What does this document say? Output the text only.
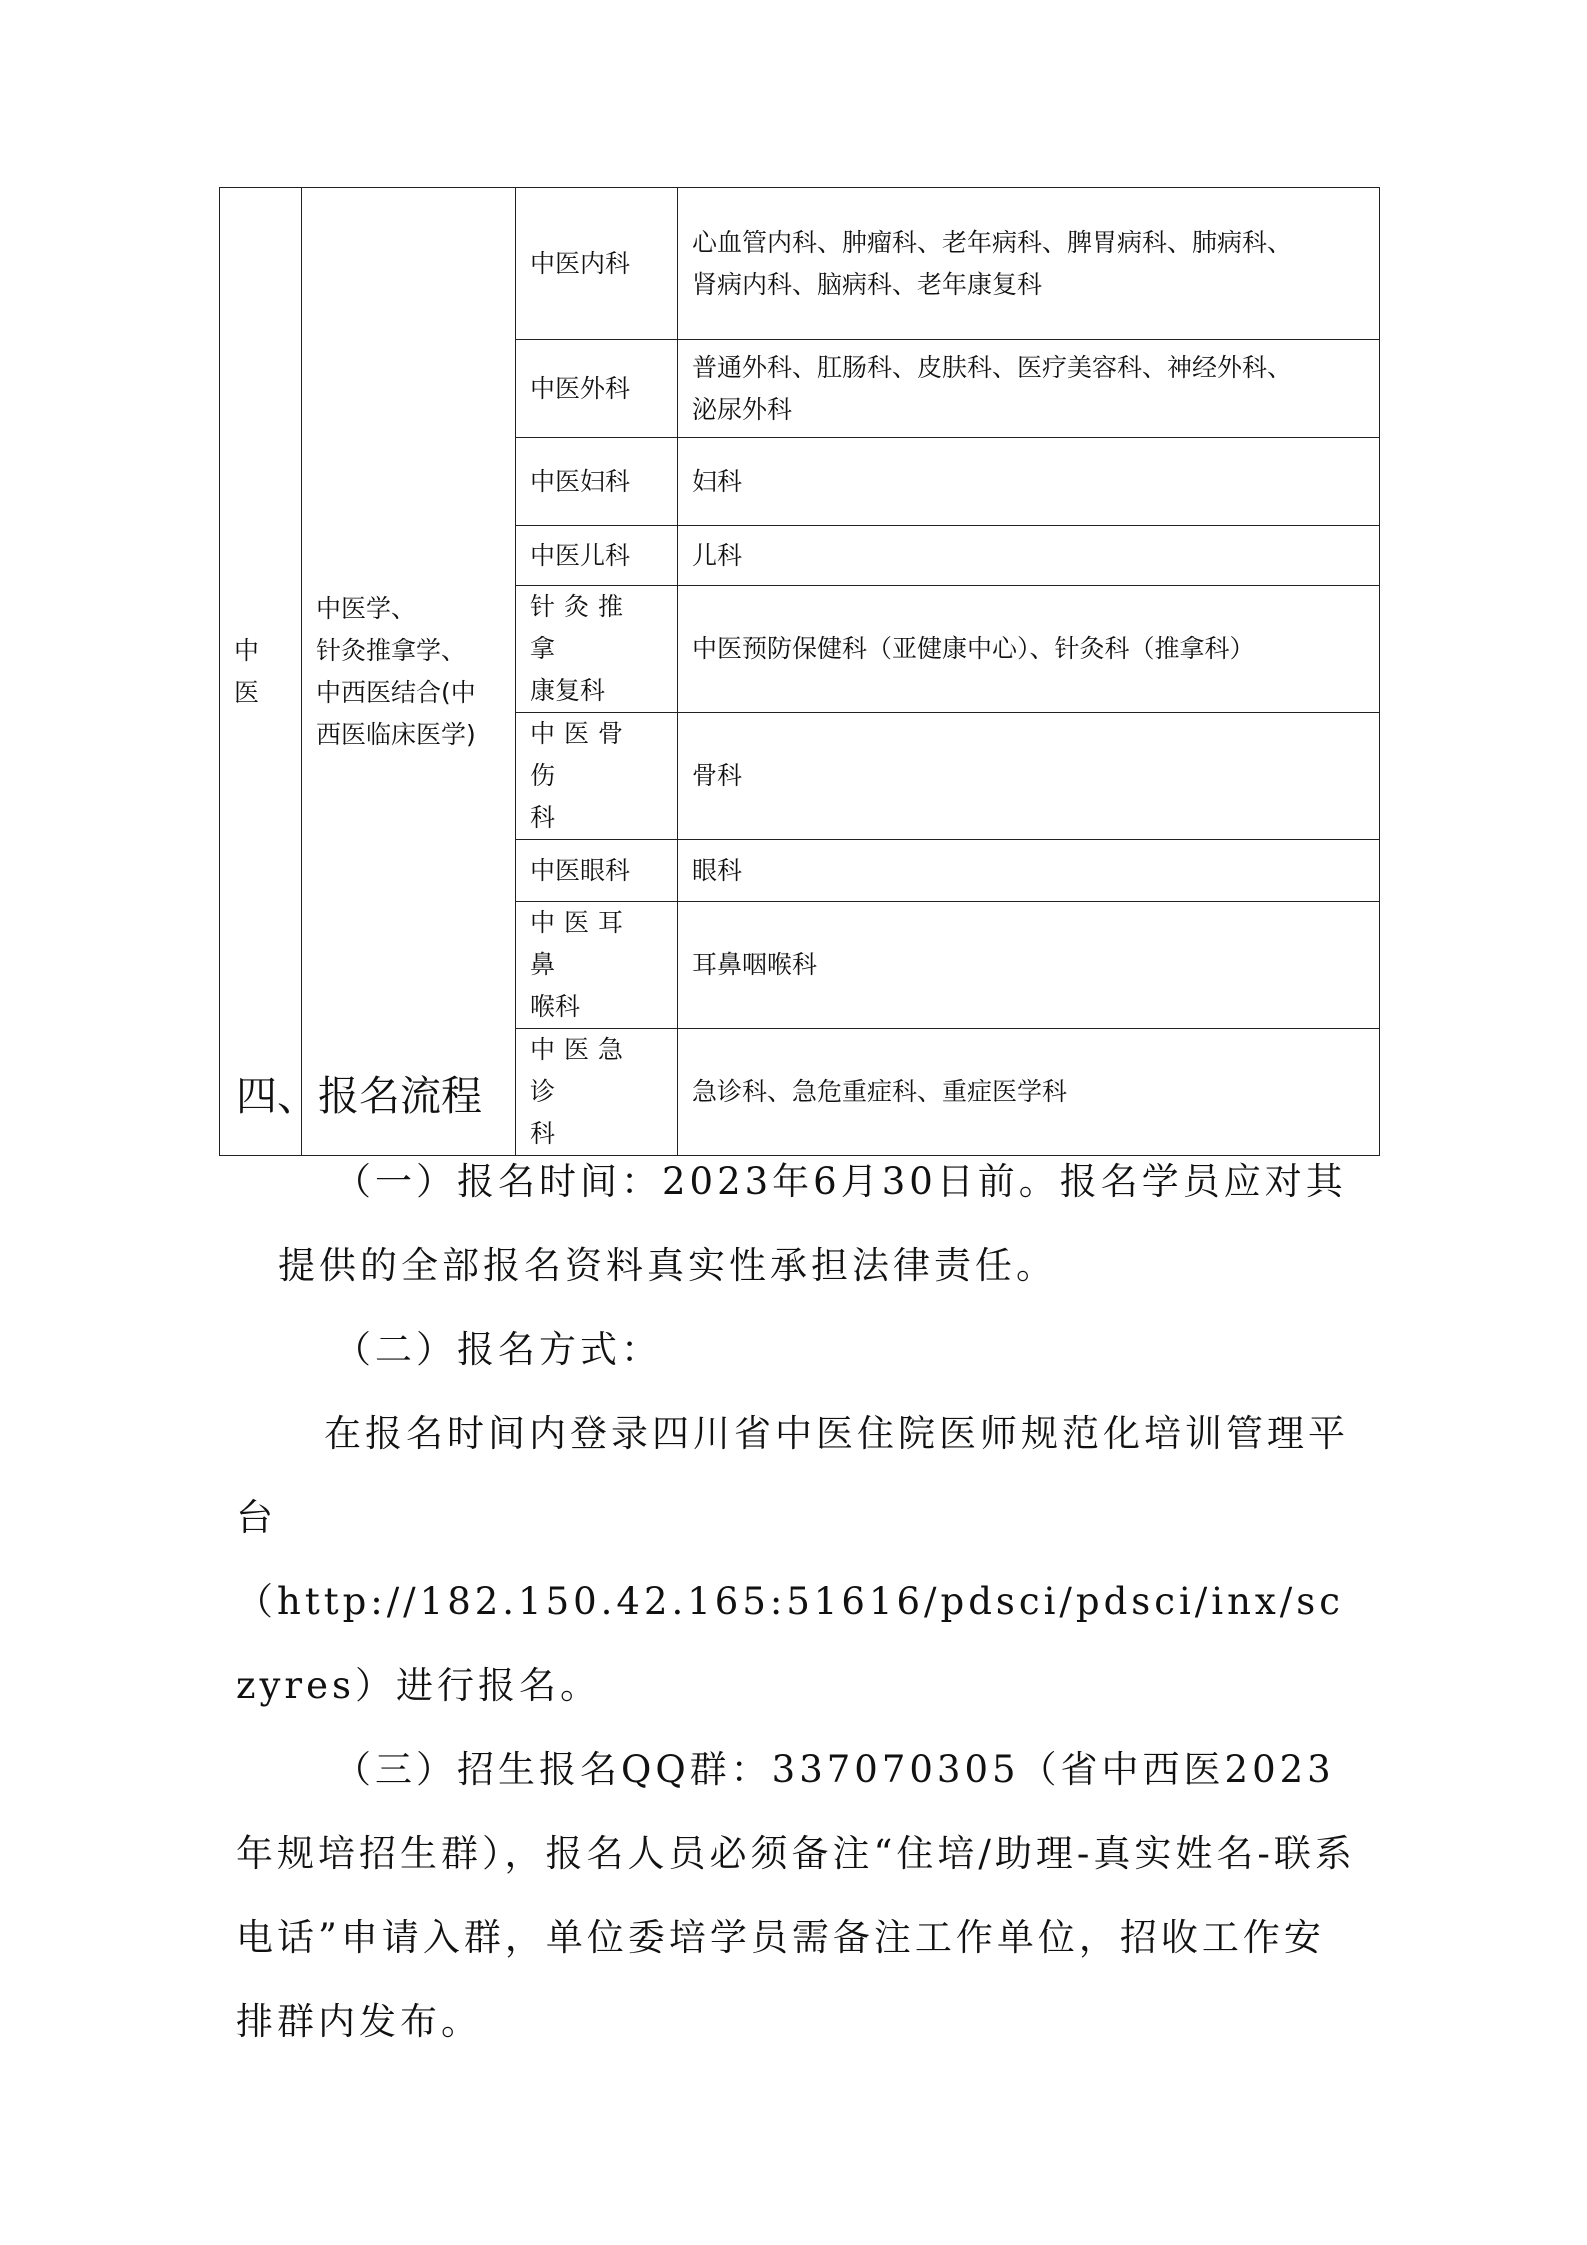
中
医	中医学、
针灸推拿学、
中西医结合(中
西医临床医学)	中医内科	心血管内科、肿瘤科、老年病科、脾胃病科、肺病科、
肾病内科、脑病科、老年康复科

		中医外科	普通外科、肛肠科、皮肤科、医疗美容科、神经外科、
泌尿外科

		中医妇科	妇科

		中医儿科	儿科

		针灸推拿
康复科	中医预防保健科（亚健康中心）、针灸科（推拿科）

		中医骨伤
科	骨科

		中医眼科	眼科

		中医耳鼻
喉科	耳鼻咽喉科

		中医急诊
科	急诊科、急危重症科、重症医学科
四、报名流程

（一）报名时间：2023年6月30日前。报名学员应对其
提供的全部报名资料真实性承担法律责任。

（二）报名方式：

在报名时间内登录四川省中医住院医师规范化培训管理平台

（http://182.150.42.165:51616/pdsci/pdsci/inx/sczyres）进行报名。

（三）招生报名QQ群：337070305（省中西医2023年规培招生群），报名人员必须备注“住培/助理-真实姓名-联系电话”申请入群，单位委培学员需备注工作单位，招收工作安排群内发布。
